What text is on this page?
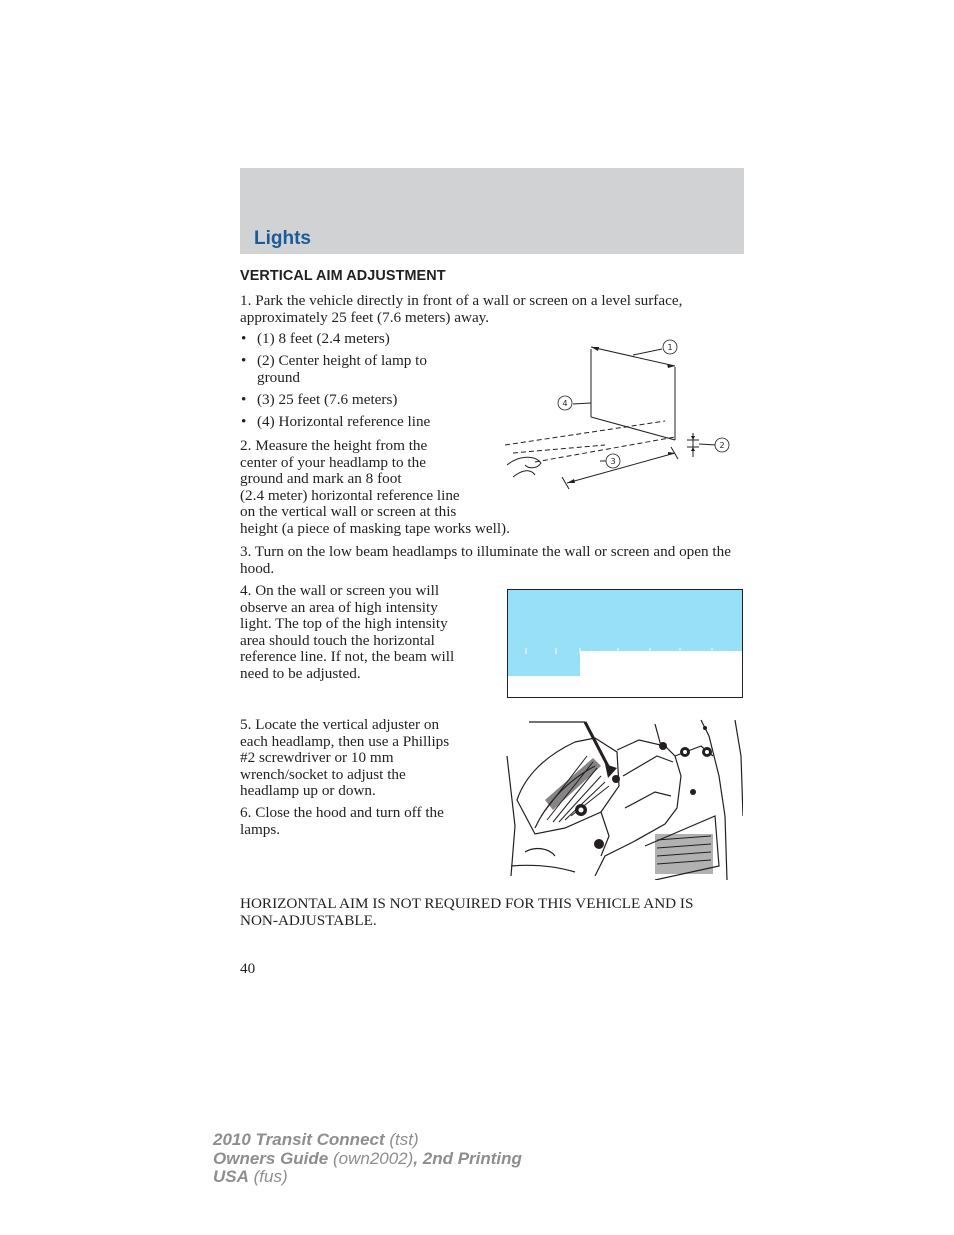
Lights
VERTICAL AIM ADJUSTMENT
1. Park the vehicle directly in front of a wall or screen on a level surface, approximately 25 feet (7.6 meters) away.
• (1) 8 feet (2.4 meters)
• (2) Center height of lamp to ground
• (3) 25 feet (7.6 meters)
• (4) Horizontal reference line
2. Measure the height from the
center of your headlamp to the
ground and mark an 8 foot
(2.4 meter) horizontal reference line
on the vertical wall or screen at this
height (a piece of masking tape works well).
1
2
3
4
3. Turn on the low beam headlamps to illuminate the wall or screen and open the hood.
4. On the wall or screen you will
observe an area of high intensity
light. The top of the high intensity
area should touch the horizontal
reference line. If not, the beam will
need to be adjusted.
5. Locate the vertical adjuster on
each headlamp, then use a Phillips
#2 screwdriver or 10 mm
wrench/socket to adjust the
headlamp up or down.
6. Close the hood and turn off the
lamps.
HORIZONTAL AIM IS NOT REQUIRED FOR THIS VEHICLE AND IS
NON-ADJUSTABLE.
40
2010 Transit Connect (tst)
Owners Guide (own2002), 2nd Printing
USA (fus)
